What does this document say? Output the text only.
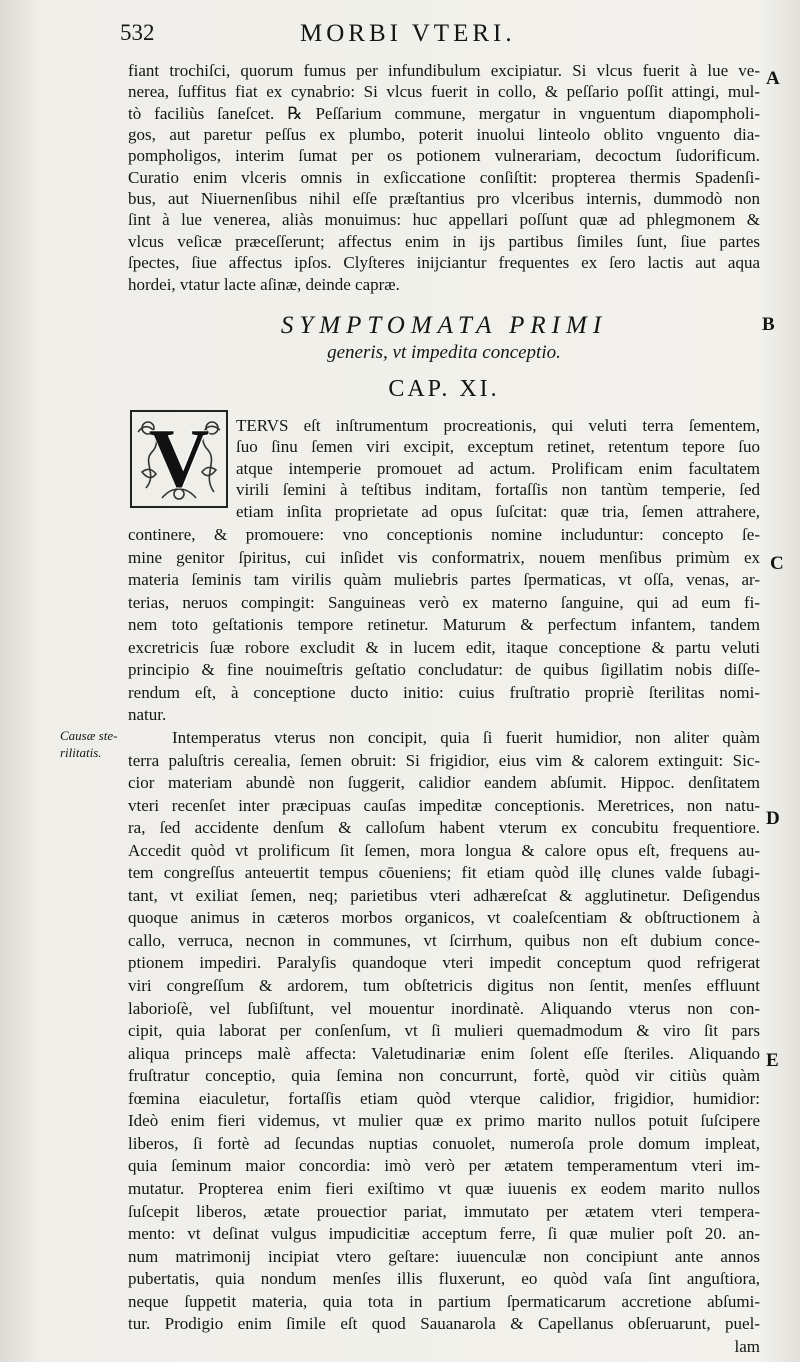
532	MORBI VTERI.
fiant trochiſci, quorum fumus per infundibulum excipiatur. Si vlcus fuerit à lue ve-
nerea, ſuffitus fiat ex cynabrio: Si vlcus fuerit in collo, & peſſario poſſit attingi, mul-
tò faciliùs ſaneſcet. ℞ Peſſarium commune, mergatur in vnguentum diapompholi-
gos, aut paretur peſſus ex plumbo, poterit inuolui linteolo oblito vnguento dia-
pompholigos, interim ſumat per os potionem vulnerariam, decoctum ſudorificum.
Curatio enim vlceris omnis in exſiccatione conſiſtit: propterea thermis Spadenſi-
bus, aut Niuernenſibus nihil eſſe præſtantius pro vlceribus internis, dummodò non
ſint à lue venerea, aliàs monuimus: huc appellari poſſunt quæ ad phlegmonem &
vlcus veſicæ præceſſerunt; affectus enim in ijs partibus ſimiles ſunt, ſiue partes
ſpectes, ſiue affectus ipſos. Clyſteres inijciantur frequentes ex ſero lactis aut aqua
hordei, vtatur lacte aſinæ, deinde capræ.
SYMPTOMATA PRIMI
generis, vt impedita conceptio.
CAP. XI.
V	TERVS eſt inſtrumentum procreationis, qui veluti terra ſementem,
ſuo ſinu ſemen viri excipit, exceptum retinet, retentum tepore ſuo
atque intemperie promouet ad actum. Prolificam enim facultatem
virili ſemini à teſtibus inditam, fortaſſis non tantùm temperie, ſed
etiam inſita proprietate ad opus ſuſcitat: quæ tria, ſemen attrahere,
continere, & promouere: vno conceptionis nomine includuntur: concepto ſe-
mine genitor ſpiritus, cui inſidet vis conformatrix, nouem menſibus primùm ex
materia ſeminis tam virilis quàm muliebris partes ſpermaticas, vt oſſa, venas, ar-
terias, neruos compingit: Sanguineas verò ex materno ſanguine, qui ad eum fi-
nem toto geſtationis tempore retinetur. Maturum & perfectum infantem, tandem
excretricis ſuæ robore excludit & in lucem edit, itaque conceptione & partu veluti
principio & fine nouimeſtris geſtatio concludatur: de quibus ſigillatim nobis diſſe-
rendum eſt, à conceptione ducto initio: cuius fruſtratio propriè ſterilitas nomi-
natur.
Intemperatus vterus non concipit, quia ſi fuerit humidior, non aliter quàm
terra paluſtris cerealia, ſemen obruit: Si frigidior, eius vim & calorem extinguit: Sic-
cior materiam abundè non ſuggerit, calidior eandem abſumit. Hippoc. denſitatem
vteri recenſet inter præcipuas cauſas impeditæ conceptionis. Meretrices, non natu-
ra, ſed accidente denſum & calloſum habent vterum ex concubitu frequentiore.
Accedit quòd vt prolificum ſit ſemen, mora longua & calore opus eſt, frequens au-
tem congreſſus anteuertit tempus cōueniens; fit etiam quòd illę clunes valde ſubagi-
tant, vt exiliat ſemen, neq; parietibus vteri adhæreſcat & agglutinetur. Deſigendus
quoque animus in cæteros morbos organicos, vt coaleſcentiam & obſtructionem à
callo, verruca, necnon in communes, vt ſcirrhum, quibus non eſt dubium conce-
ptionem impediri. Paralyſis quandoque vteri impedit conceptum quod refrigerat
viri congreſſum & ardorem, tum obſtetricis digitus non ſentit, menſes effluunt
laborioſè, vel ſubſiſtunt, vel mouentur inordinatè. Aliquando vterus non con-
cipit, quia laborat per conſenſum, vt ſi mulieri quemadmodum & viro ſit pars
aliqua princeps malè affecta: Valetudinariæ enim ſolent eſſe ſteriles. Aliquando
fruſtratur conceptio, quia ſemina non concurrunt, fortè, quòd vir citiùs quàm
fœmina eiaculetur, fortaſſis etiam quòd vterque calidior, frigidior, humidior:
Ideò enim fieri videmus, vt mulier quæ ex primo marito nullos potuit ſuſcipere
liberos, ſi fortè ad ſecundas nuptias conuolet, numeroſa prole domum impleat,
quia ſeminum maior concordia: imò verò per ætatem temperamentum vteri im-
mutatur. Propterea enim fieri exiſtimo vt quæ iuuenis ex eodem marito nullos
ſuſcepit liberos, ætate prouectior pariat, immutato per ætatem vteri tempera-
mento: vt deſinat vulgus impudicitiæ acceptum ferre, ſi quæ mulier poſt 20. an-
num matrimonij incipiat vtero geſtare: iuuenculæ non concipiunt ante annos
pubertatis, quia nondum menſes illis fluxerunt, eo quòd vaſa ſint anguſtiora,
neque ſuppetit materia, quia tota in partium ſpermaticarum accretione abſumi-
tur. Prodigio enim ſimile eſt quod Sauanarola & Capellanus obſeruarunt, puel-
lam
Causæ ste-
rilitatis.
A
B
C
D
E
